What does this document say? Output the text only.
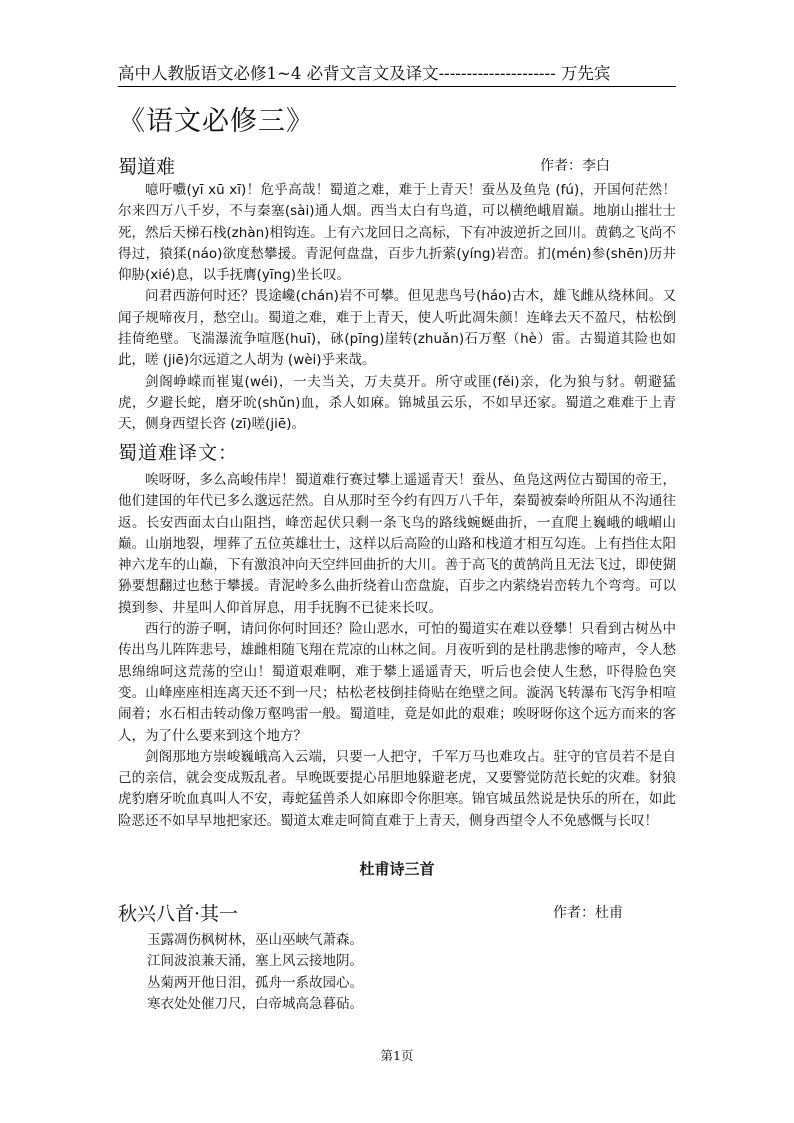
高中人教版语文必修1~4 必背文言文及译文--------------------- 万先宾
《语文必修三》
蜀道难	作者：李白

噫吁嚱(yī xū xī)！危乎高哉！蜀道之难，难于上青天！蚕丛及鱼凫 (fú)，开国何茫然！尔来四万八千岁，不与秦塞(sài)通人烟。西当太白有鸟道，可以横绝峨眉巅。地崩山摧壮士死，然后天梯石栈(zhàn)相钩连。上有六龙回日之高标，下有冲波逆折之回川。黄鹤之飞尚不得过，猿猱(náo)欲度愁攀援。青泥何盘盘，百步九折萦(yíng)岩峦。扪(mén)参(shēn)历井仰胁(xié)息，以手抚膺(yīng)坐长叹。

问君西游何时还？畏途巉(chán)岩不可攀。但见悲鸟号(háo)古木，雄飞雌从绕林间。又闻子规啼夜月，愁空山。蜀道之难，难于上青天，使人听此凋朱颜！连峰去天不盈尺，枯松倒挂倚绝壁。飞湍瀑流争喧豗(huī)，砯(pīng)崖转(zhuǎn)石万壑（hè）雷。古蜀道其险也如此，嗟 (jiē)尔远道之人胡为 (wèi)乎来哉。

剑阁峥嵘而崔嵬(wéi)，一夫当关，万夫莫开。所守或匪(fěi)亲，化为狼与豺。朝避猛虎，夕避长蛇，磨牙吮(shǔn)血，杀人如麻。锦城虽云乐，不如早还家。蜀道之难难于上青天，侧身西望长咨 (zī)嗟(jiē)。

蜀道难译文：

唉呀呀，多么高峻伟岸！蜀道难行赛过攀上遥遥青天！蚕丛、鱼凫这两位古蜀国的帝王，他们建国的年代已多么邈远茫然。自从那时至今约有四万八千年，秦蜀被秦岭所阻从不沟通往返。长安西面太白山阻挡，峰峦起伏只剩一条飞鸟的路线蜿蜒曲折，一直爬上巍峨的峨嵋山巅。山崩地裂，埋葬了五位英雄壮士，这样以后高险的山路和栈道才相互勾连。上有挡住太阳神六龙车的山巅，下有激浪冲向天空绊回曲折的大川。善于高飞的黄鹄尚且无法飞过，即使猢狲要想翻过也愁于攀援。青泥岭多么曲折绕着山峦盘旋，百步之内萦绕岩峦转九个弯弯。可以摸到参、井星叫人仰首屏息，用手抚胸不已徒来长叹。

西行的游子啊，请问你何时回还？险山恶水，可怕的蜀道实在难以登攀！只看到古树丛中传出鸟儿阵阵悲号，雄雌相随飞翔在荒凉的山林之间。月夜听到的是杜鹃悲惨的啼声，令人愁思绵绵呵这荒荡的空山！蜀道艰难啊，难于攀上遥遥青天，听后也会使人生愁，吓得脸色突变。山峰座座相连离天还不到一尺；枯松老枝倒挂倚贴在绝壁之间。漩涡飞转瀑布飞泻争相喧闹着；水石相击转动像万壑鸣雷一般。蜀道哇，竟是如此的艰难；唉呀呀你这个远方而来的客人，为了什么要来到这个地方？

剑阁那地方崇峻巍峨高入云端，只要一人把守，千军万马也难攻占。驻守的官员若不是自己的亲信，就会变成叛乱者。早晚既要提心吊胆地躲避老虎，又要警觉防范长蛇的灾难。豺狼虎豹磨牙吮血真叫人不安，毒蛇猛兽杀人如麻即令你胆寒。锦官城虽然说是快乐的所在，如此险恶还不如早早地把家还。蜀道太难走呵简直难于上青天，侧身西望令人不免感慨与长叹！

杜甫诗三首
秋兴八首·其一	作者：杜甫
玉露凋伤枫树林，巫山巫峡气萧森。
江间波浪兼天涌，塞上风云接地阴。
丛菊两开他日泪，孤舟一系故园心。
寒衣处处催刀尺，白帝城高急暮砧。
第1页
